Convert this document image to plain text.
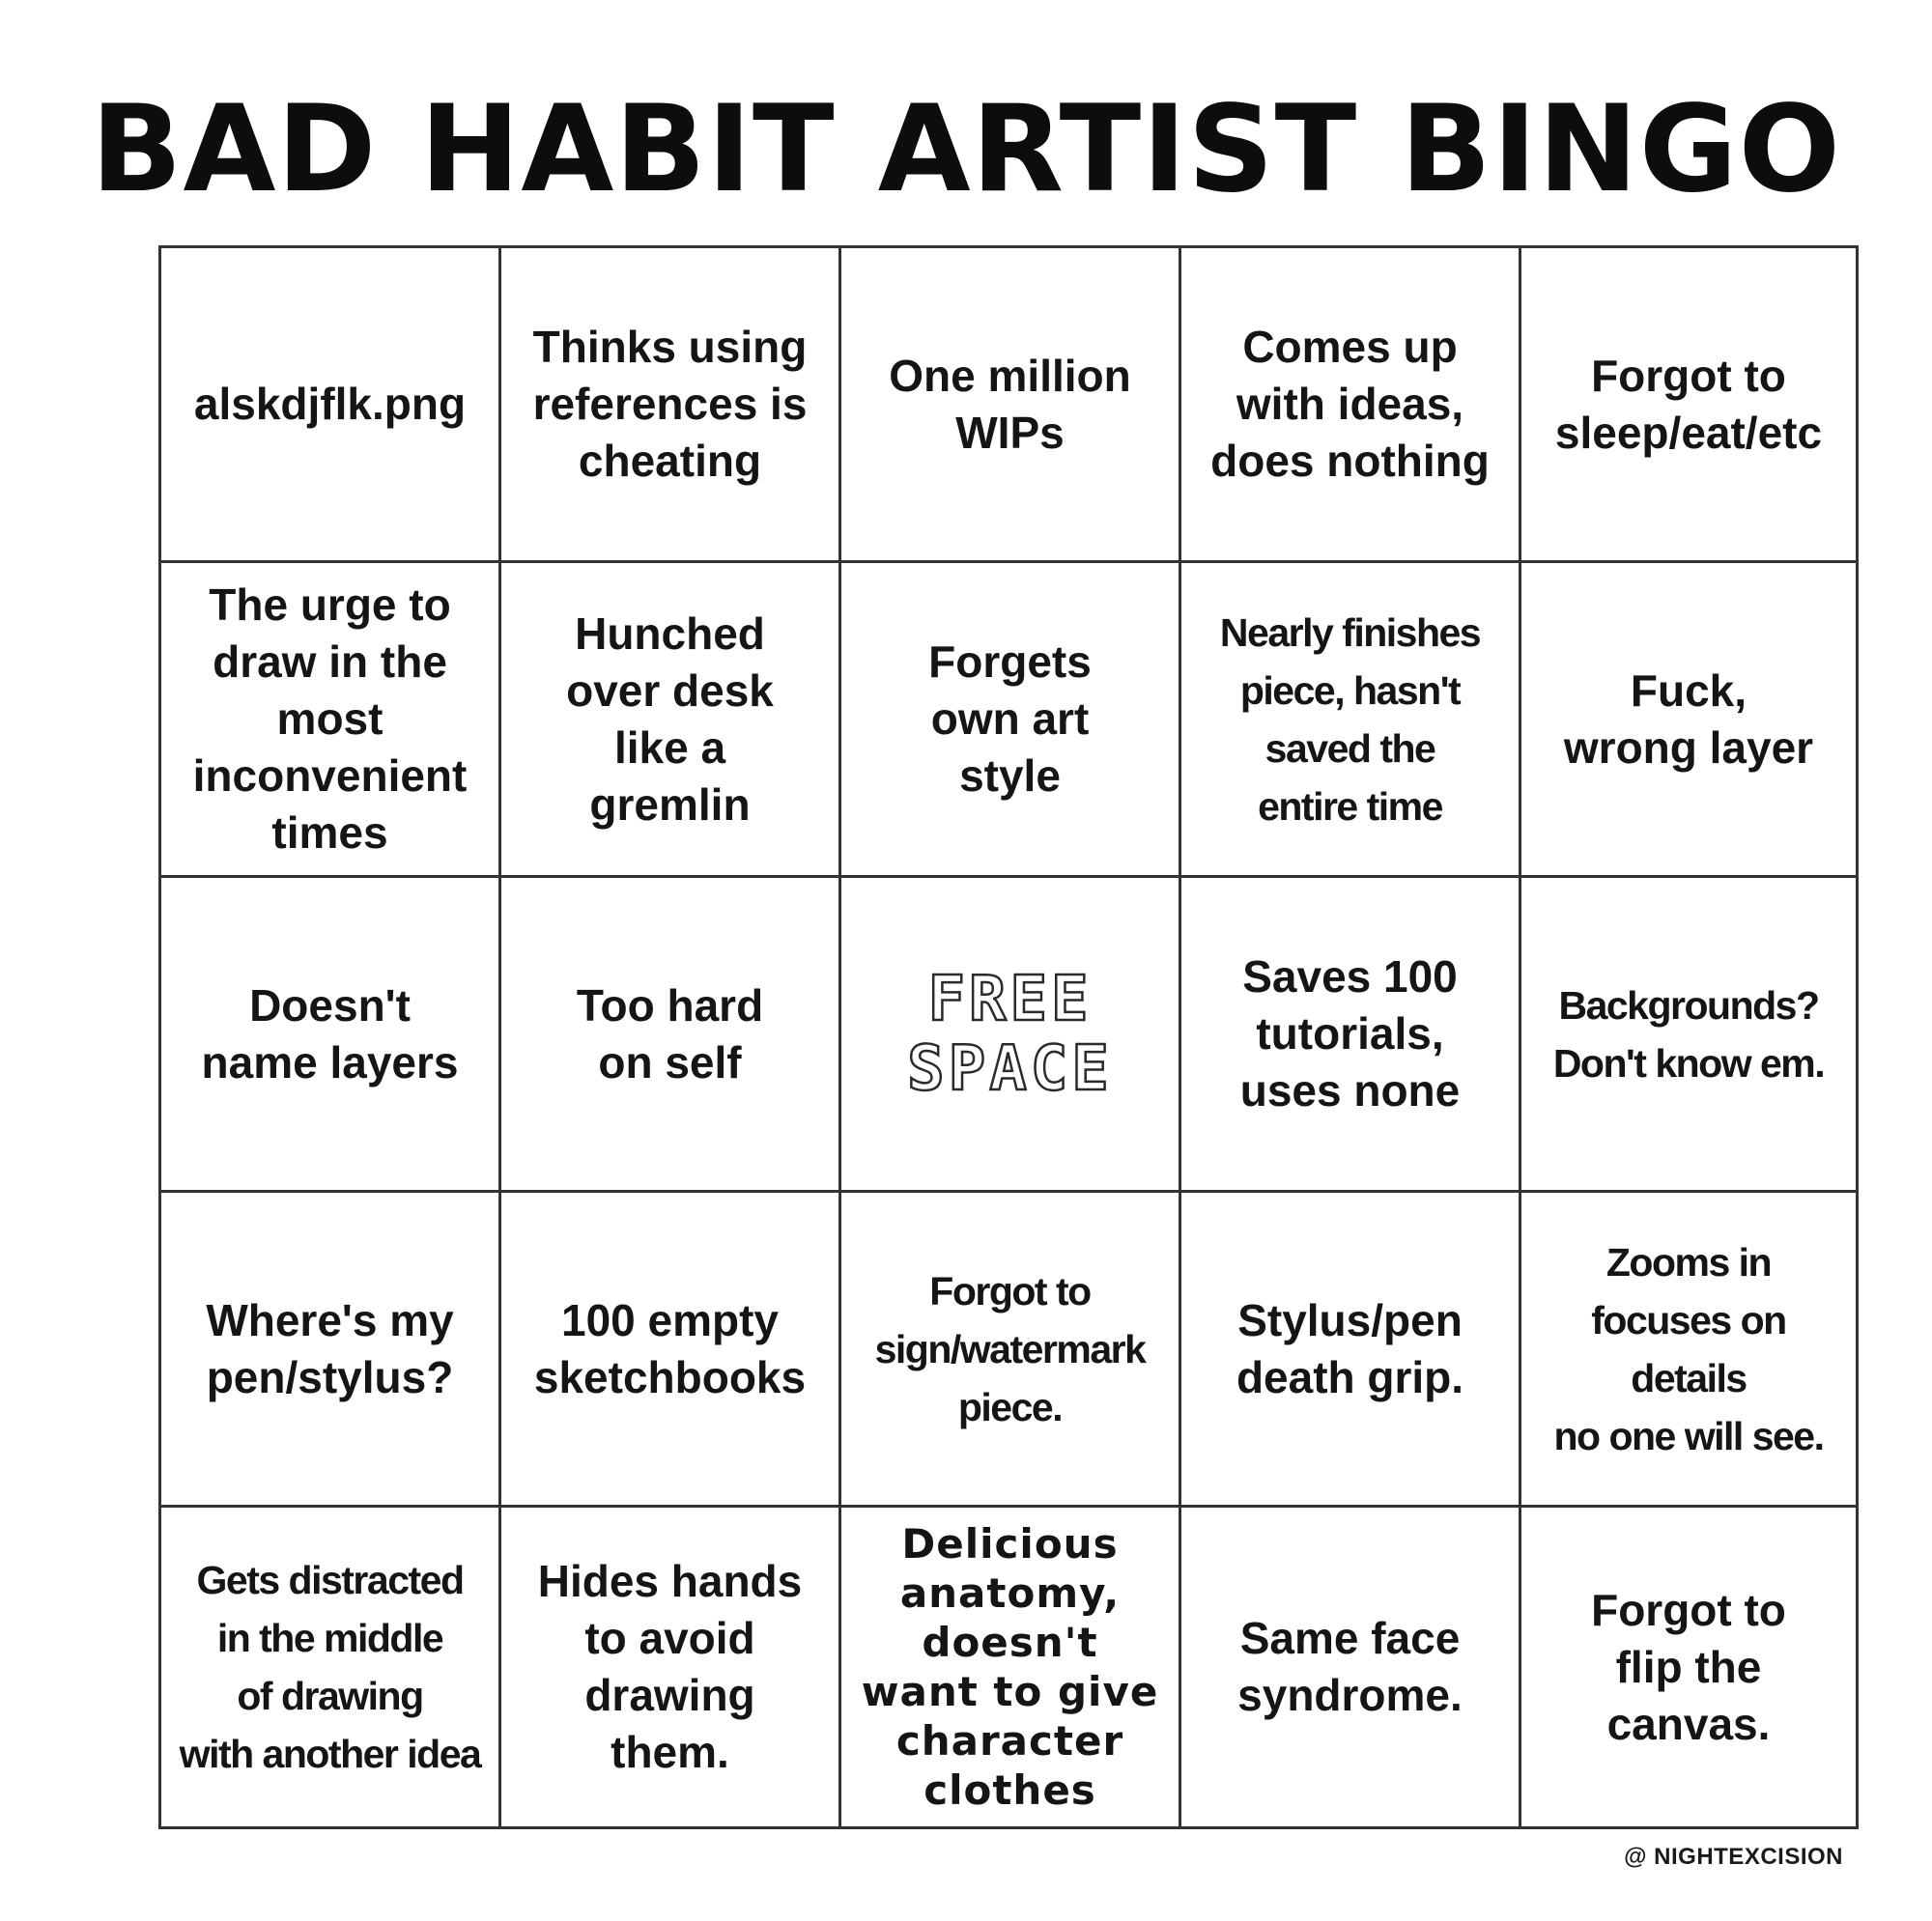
BAD HABIT ARTIST BINGO
alskdjflk.png
Thinks using
references is
cheating
One million
WIPs
Comes up
with ideas,
does nothing
Forgot to
sleep/eat/etc
The urge to
draw in the
most
inconvenient
times
Hunched
over desk
like a
gremlin
Forgets
own art
style
Nearly finishes
piece, hasn't
saved the
entire time
Fuck,
wrong layer
Doesn't
name layers
Too hard
on self
FREE
SPACE
Saves 100
tutorials,
uses none
Backgrounds?
Don't know em.
Where's my
pen/stylus?
100 empty
sketchbooks
Forgot to
sign/watermark
piece.
Stylus/pen
death grip.
Zooms in
focuses on
details
no one will see.
Gets distracted
in the middle
of drawing
with another idea
Hides hands
to avoid
drawing
them.
Delicious
anatomy,
doesn't
want to give
character
clothes
Same face
syndrome.
Forgot to
flip the
canvas.
@ NIGHTEXCISION
